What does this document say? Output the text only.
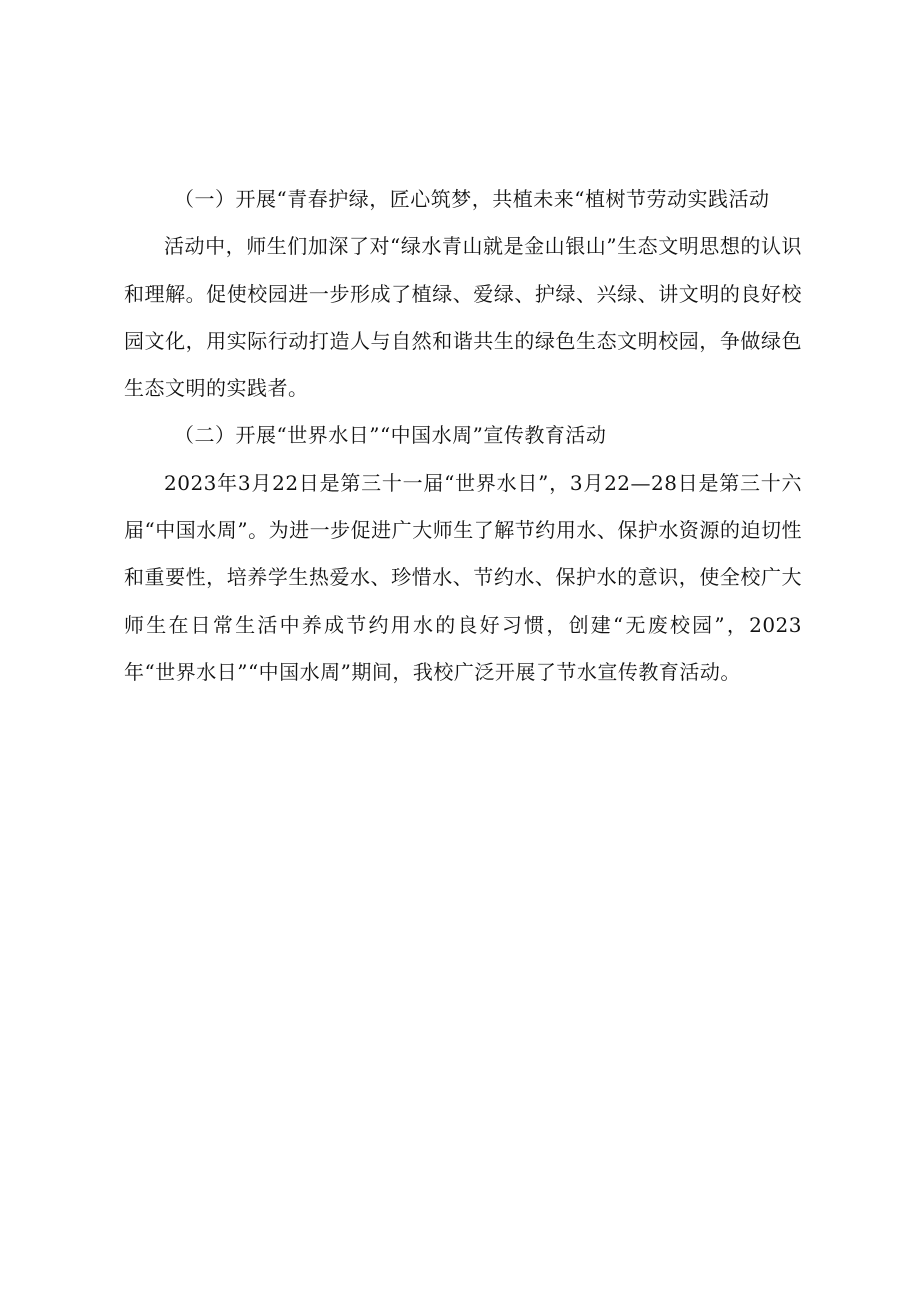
（一）开展“青春护绿，匠心筑梦，共植未来“植树节劳动实践活动

活动中，师生们加深了对“绿水青山就是金山银山”生态文明思想的认识和理解。促使校园进一步形成了植绿、爱绿、护绿、兴绿、讲文明的良好校园文化，用实际行动打造人与自然和谐共生的绿色生态文明校园，争做绿色生态文明的实践者。

（二）开展“世界水日”“中国水周”宣传教育活动

2023年3月22日是第三十一届“世界水日”，3月22—28日是第三十六届“中国水周”。为进一步促进广大师生了解节约用水、保护水资源的迫切性和重要性，培养学生热爱水、珍惜水、节约水、保护水的意识，使全校广大师生在日常生活中养成节约用水的良好习惯，创建“无废校园”，2023年“世界水日”“中国水周”期间，我校广泛开展了节水宣传教育活动。
